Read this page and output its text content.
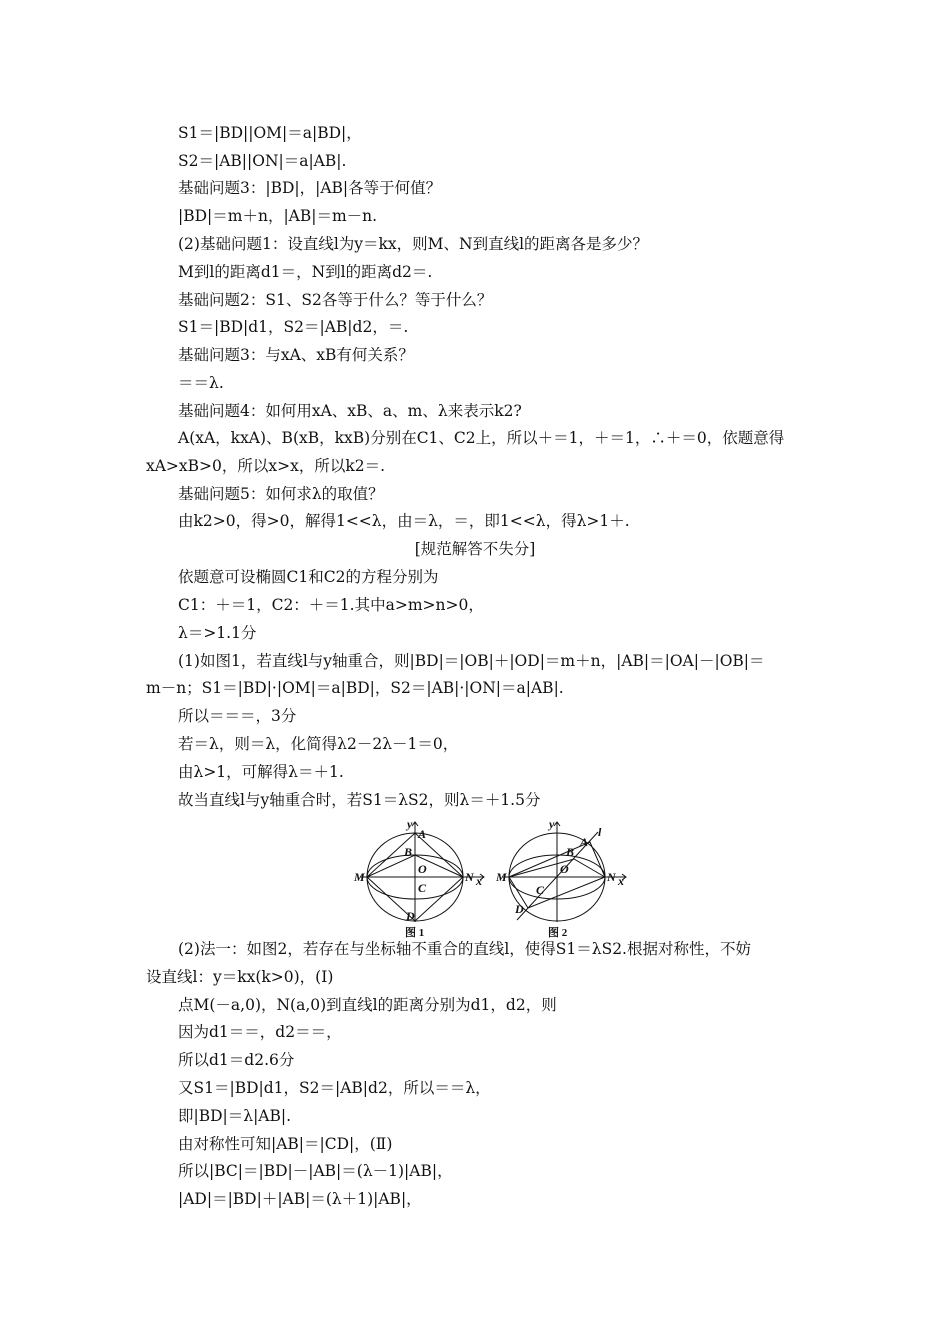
S1＝|BD||OM|＝a|BD|，
S2＝|AB||ON|＝a|AB|.
基础问题3：|BD|，|AB|各等于何值？
|BD|＝m＋n，|AB|＝m－n.
(2)基础问题1：设直线l为y＝kx，则M、N到直线l的距离各是多少？
M到l的距离d1＝，N到l的距离d2＝.
基础问题2：S1、S2各等于什么？等于什么？
S1＝|BD|d1，S2＝|AB|d2，＝.
基础问题3：与xA、xB有何关系？
＝＝λ.
基础问题4：如何用xA、xB、a、m、λ来表示k2?
A(xA，kxA)、B(xB，kxB)分别在C1、C2上，所以＋＝1，＋＝1，∴＋＝0，依题意得
xA>xB>0，所以x>x，所以k2＝.
基础问题5：如何求λ的取值？
由k2>0，得>0，解得1<<λ，由＝λ，＝，即1<<λ，得λ>1＋.
[规范解答不失分]
依题意可设椭圆C1和C2的方程分别为
C1：＋＝1，C2：＋＝1.其中a>m>n>0，
λ＝>1.1分
(1)如图1，若直线l与y轴重合，则|BD|＝|OB|＋|OD|＝m＋n，|AB|＝|OA|－|OB|＝
m－n；S1＝|BD|·|OM|＝a|BD|，S2＝|AB|·|ON|＝a|AB|.
所以＝＝＝，3分
若＝λ，则＝λ，化简得λ2－2λ－1＝0，
由λ>1，可解得λ＝＋1.
故当直线l与y轴重合时，若S1＝λS2，则λ＝＋1.5分
y
A
B
O
C
D
M	N x
图 1
y
A
l
B
O
C
D
M	N x
图 2
(2)法一：如图2，若存在与坐标轴不重合的直线l，使得S1＝λS2.根据对称性，不妨
设直线l：y＝kx(k>0)，(Ⅰ)
点M(－a,0)，N(a,0)到直线l的距离分别为d1，d2，则
因为d1＝＝，d2＝＝，
所以d1＝d2.6分
又S1＝|BD|d1，S2＝|AB|d2，所以＝＝λ，
即|BD|＝λ|AB|.
由对称性可知|AB|＝|CD|，(Ⅱ)
所以|BC|＝|BD|－|AB|＝(λ－1)|AB|，
|AD|＝|BD|＋|AB|＝(λ＋1)|AB|，
